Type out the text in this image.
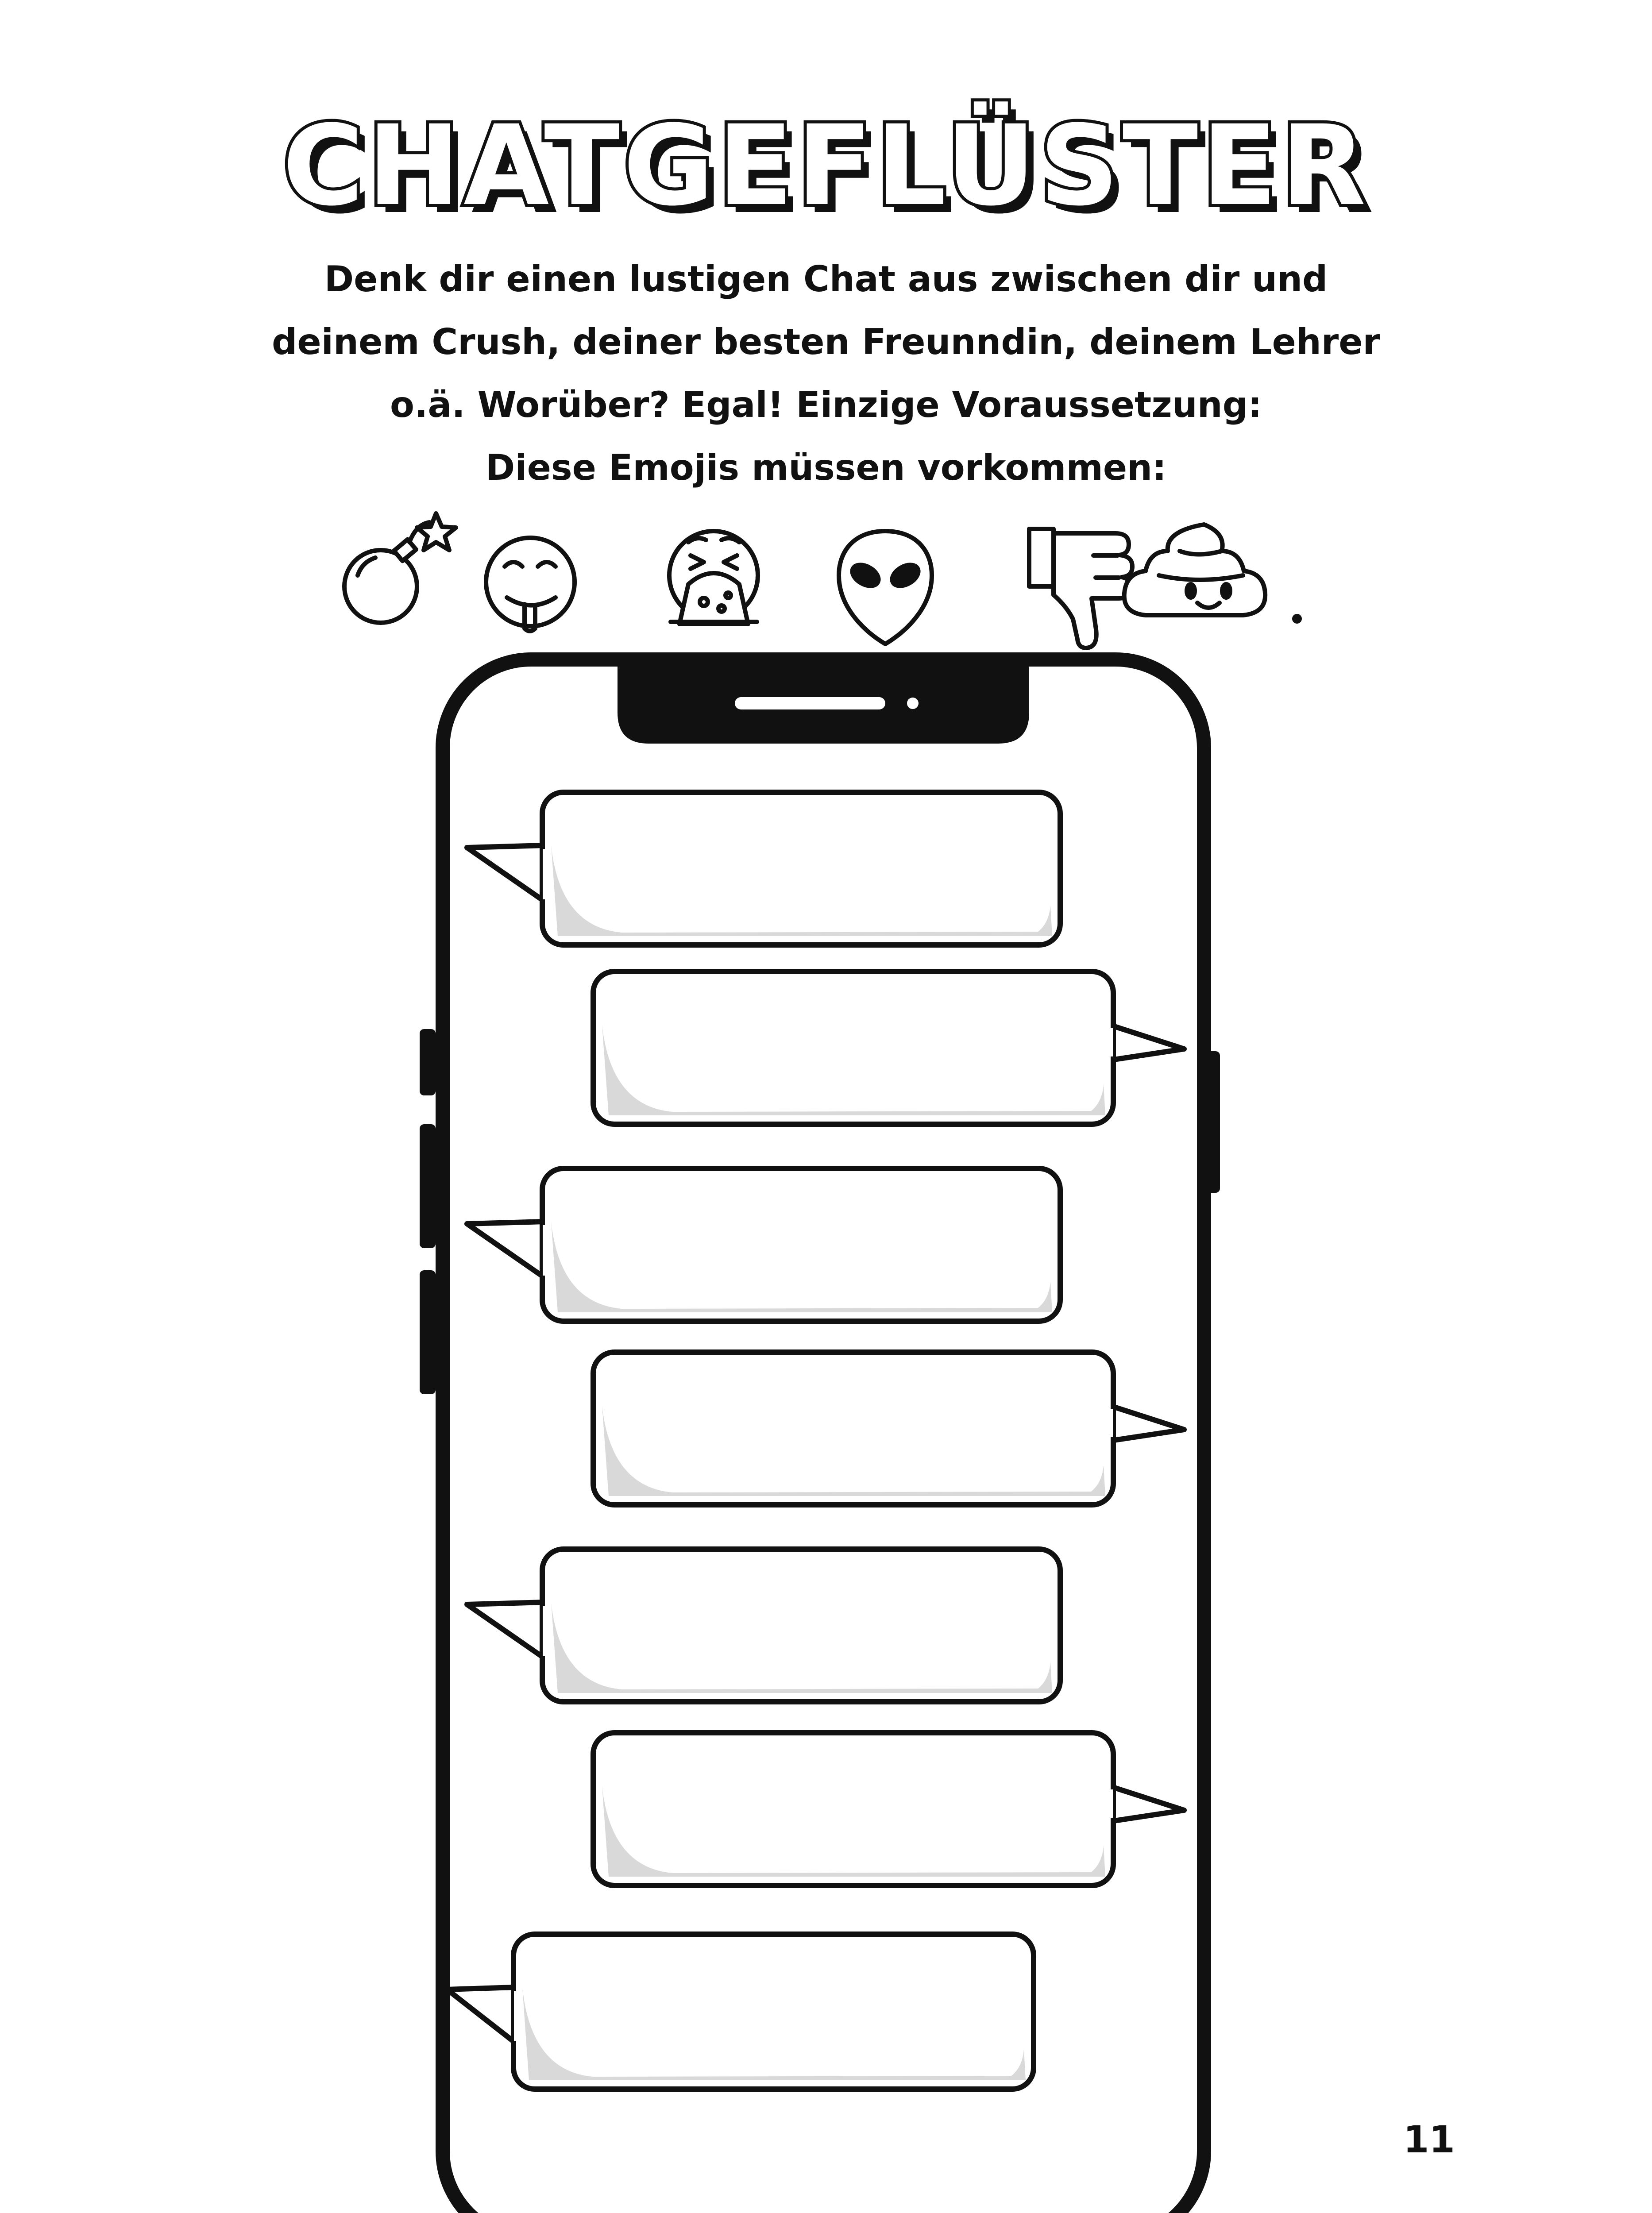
CHATGEFLÜSTER
Denk dir einen lustigen Chat aus zwischen dir und
deinem Crush, deiner besten Freunndin, deinem Lehrer
o.ä. Worüber? Egal! Einzige Voraussetzung:
Diese Emojis müssen vorkommen:
11
